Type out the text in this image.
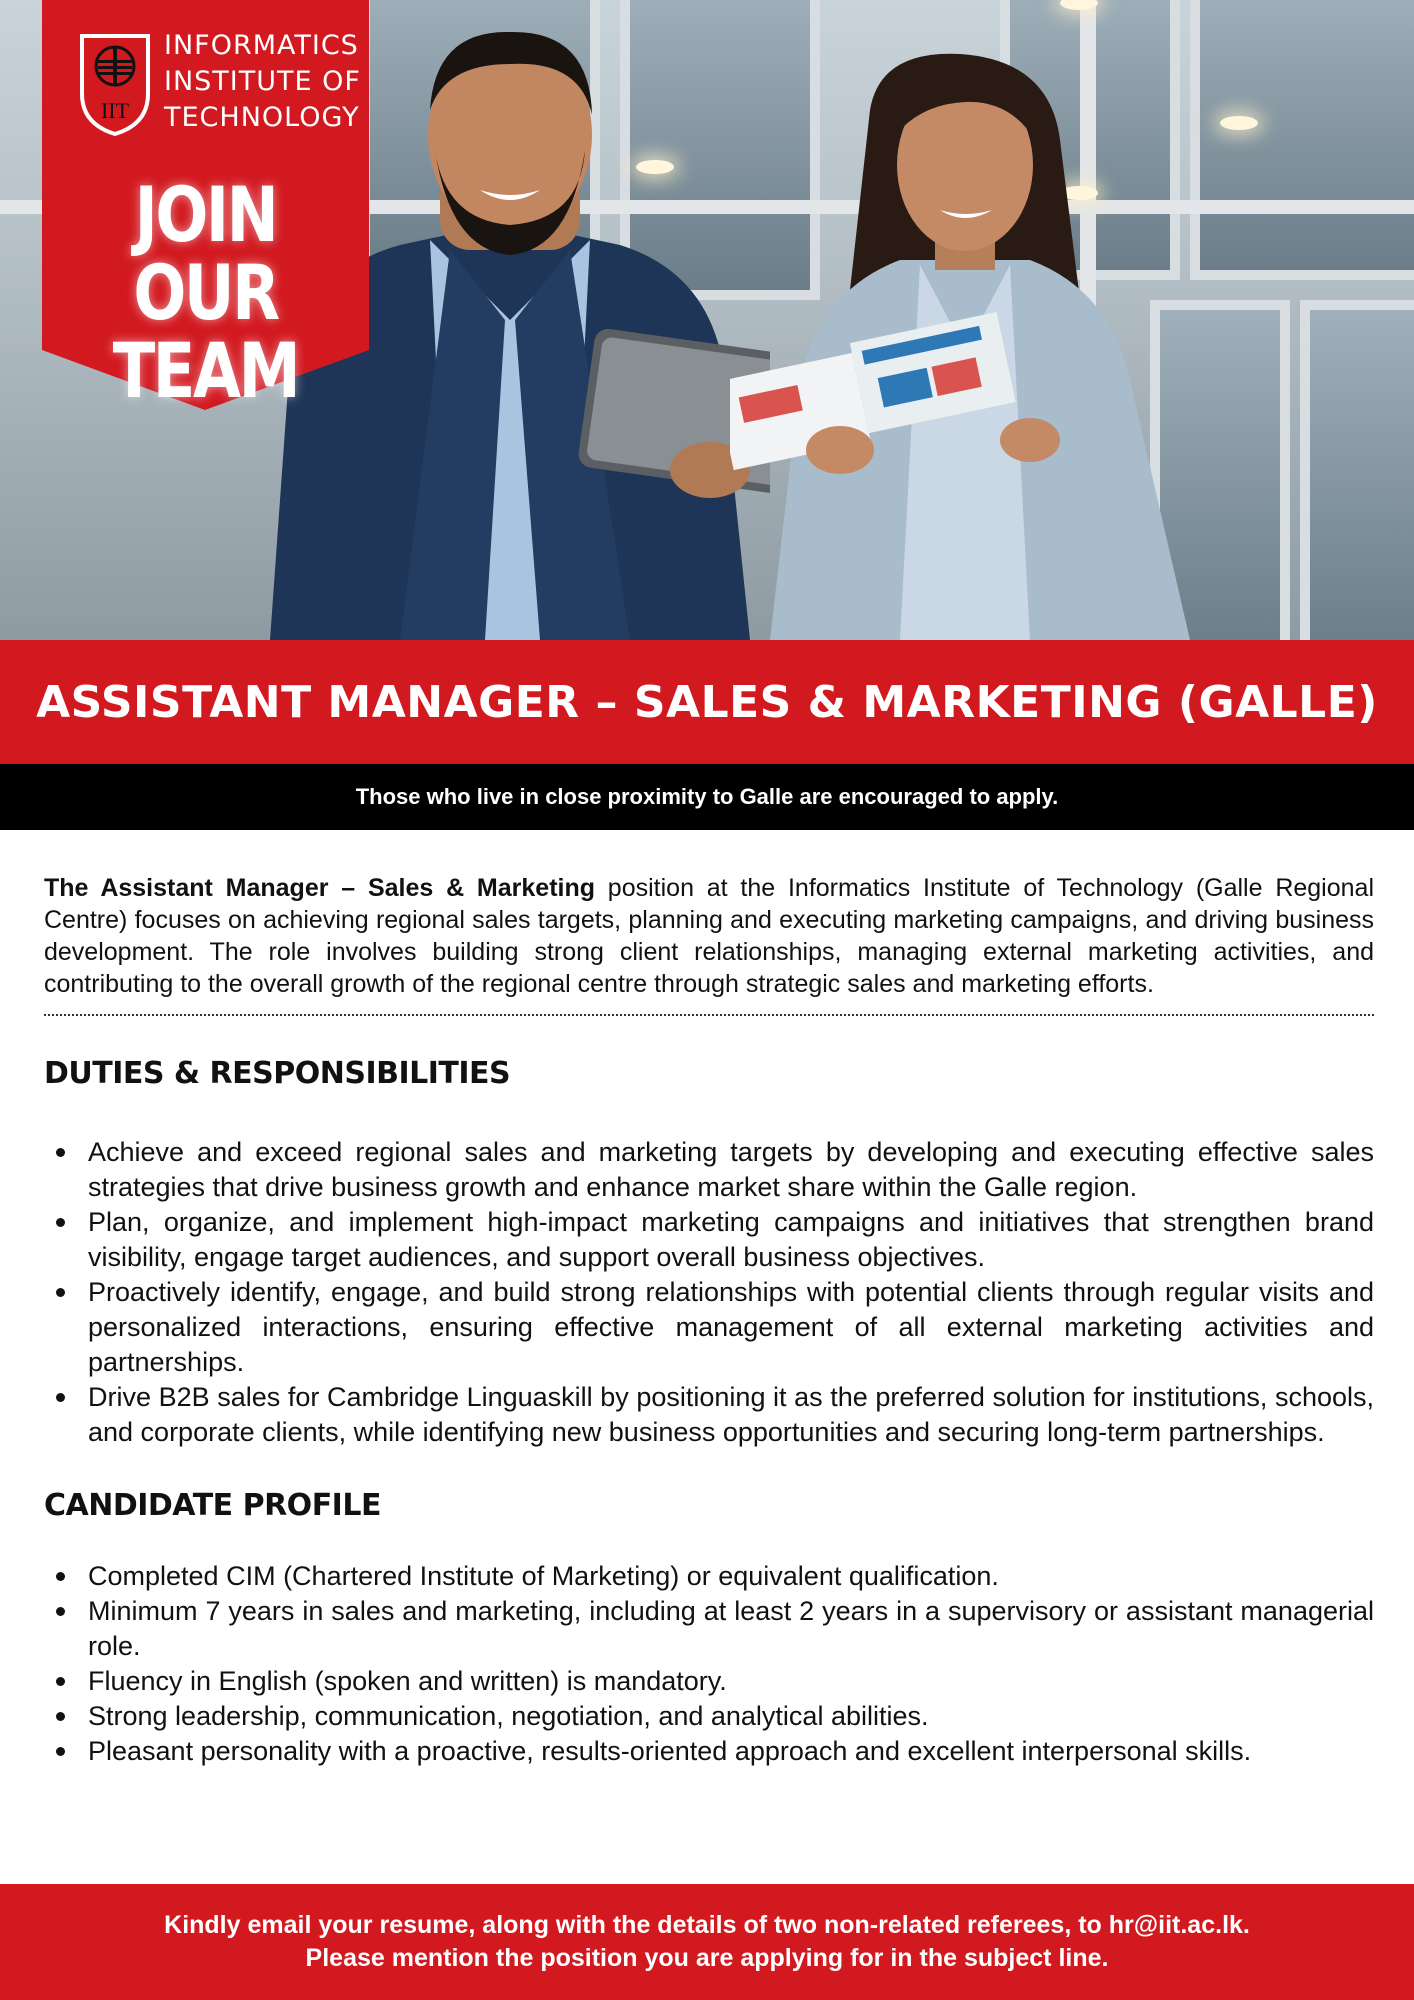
IIT
INFORMATICS
INSTITUTE OF
TECHNOLOGY
JOIN OUR
TEAM
ASSISTANT MANAGER – SALES & MARKETING (GALLE)

Those who live in close proximity to Galle are encouraged to apply.

The Assistant Manager – Sales & Marketing position at the Informatics Institute of Technology (Galle Regional Centre) focuses on achieving regional sales targets, planning and executing marketing campaigns, and driving business development. The role involves building strong client relationships, managing external marketing activities, and contributing to the overall growth of the regional centre through strategic sales and marketing efforts.

DUTIES & RESPONSIBILITIES
Achieve and exceed regional sales and marketing targets by developing and executing effective sales strategies that drive business growth and enhance market share within the Galle region.
Plan, organize, and implement high-impact marketing campaigns and initiatives that strengthen brand visibility, engage target audiences, and support overall business objectives.
Proactively identify, engage, and build strong relationships with potential clients through regular visits and personalized interactions, ensuring effective management of all external marketing activities and partnerships.
Drive B2B sales for Cambridge Linguaskill by positioning it as the preferred solution for institutions, schools, and corporate clients, while identifying new business opportunities and securing long-term partnerships.
CANDIDATE PROFILE
Completed CIM (Chartered Institute of Marketing) or equivalent qualification.
Minimum 7 years in sales and marketing, including at least 2 years in a supervisory or assistant managerial role.
Fluency in English (spoken and written) is mandatory.
Strong leadership, communication, negotiation, and analytical abilities.
Pleasant personality with a proactive, results-oriented approach and excellent interpersonal skills.

Kindly email your resume, along with the details of two non-related referees, to hr@iit.ac.lk.

Please mention the position you are applying for in the subject line.
